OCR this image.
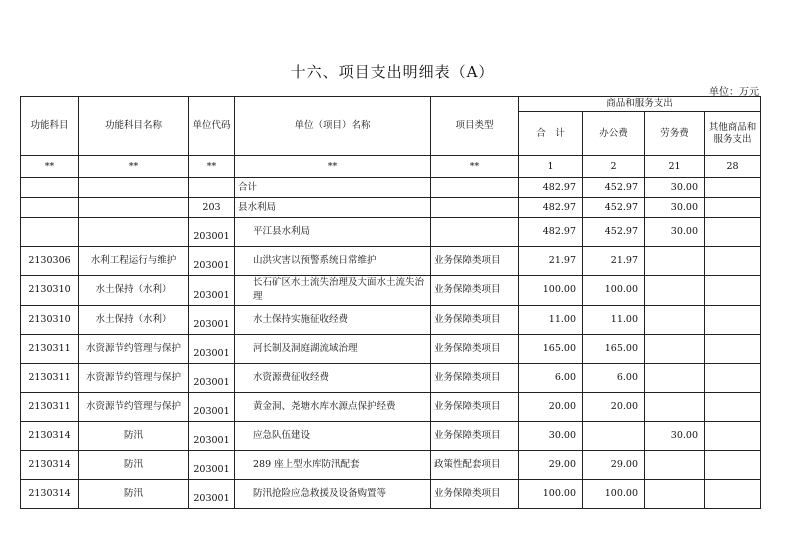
十六、项目支出明细表（A）
单位：万元
功能科目	功能科目名称	单位代码	单位（项目）名称	项目类型	商品和服务支出			
					合　计	办公费	劳务费	其他商品和服务支出
**	**	**	**	**	1	2	21	28
			合计		482.97	452.97	30.00	
		203	县水利局		482.97	452.97	30.00	
		203001	平江县水利局		482.97	452.97	30.00	
2130306	水利工程运行与维护	203001	山洪灾害以预警系统日常维护	业务保障类项目	21.97	21.97		
2130310	水土保持（水利）	203001	长石矿区水土流失治理及大面水土流失治理	业务保障类项目	100.00	100.00		
2130310	水土保持（水利）	203001	水土保持实施征收经费	业务保障类项目	11.00	11.00		
2130311	水资源节约管理与保护	203001	河长制及洞庭湖流域治理	业务保障类项目	165.00	165.00		
2130311	水资源节约管理与保护	203001	水资源费征收经费	业务保障类项目	6.00	6.00		
2130311	水资源节约管理与保护	203001	黄金洞、尧塘水库水源点保护经费	业务保障类项目	20.00	20.00		
2130314	防汛	203001	应急队伍建设	业务保障类项目	30.00		30.00	
2130314	防汛	203001	289 座上型水库防汛配套	政策性配套项目	29.00	29.00		
2130314	防汛	203001	防汛抢险应急救援及设备购置等	业务保障类项目	100.00	100.00		
